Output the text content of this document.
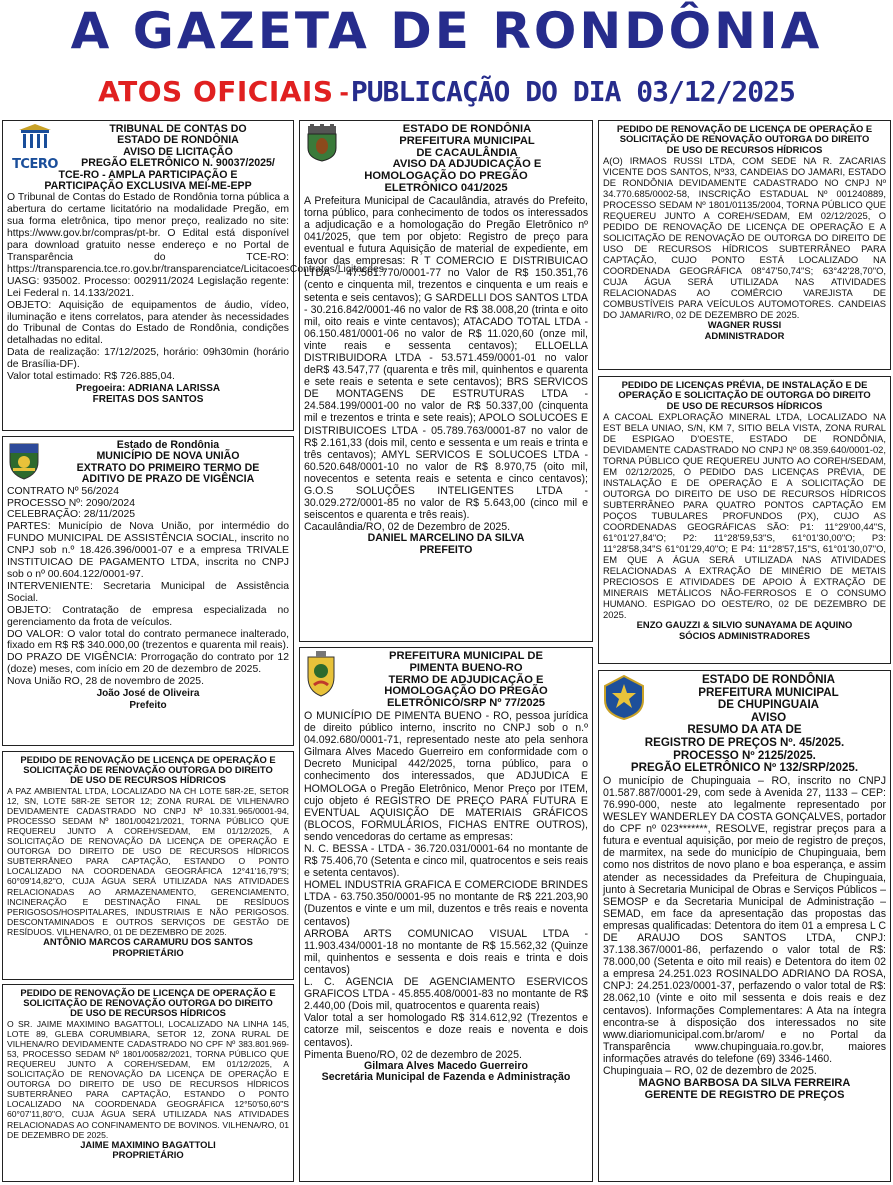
A GAZETA DE RONDÔNIA
ATOS OFICIAIS -PUBLICAÇÃO DO DIA 03/12/2025
TCERO
TRIBUNAL DE CONTAS DO
ESTADO DE RONDÔNIA
AVISO DE LICITAÇÃO
PREGÃO ELETRÔNICO N. 90037/2025/
TCE-RO - AMPLA PARTICIPAÇÃO E
PARTICIPAÇÃO EXCLUSIVA MEI-ME-EPP

O Tribunal de Contas do Estado de Rondônia torna pública a abertura do certame licitatório na modalidade Pregão, em sua forma eletrônica, tipo menor preço, realizado no site: https://www.gov.br/compras/pt-br. O Edital está disponível para download gratuito nesse endereço e no Portal de Transparência do TCE-RO: https://transparencia.tce.ro.gov.br/transparenciatce/LicitacoesContratos/Licitacoes.

UASG: 935002. Processo: 002911/2024 Legislação regente: Lei Federal n. 14.133/2021.

OBJETO: Aquisição de equipamentos de áudio, vídeo, iluminação e itens correlatos, para atender às necessidades do Tribunal de Contas do Estado de Rondônia, condições detalhadas no edital.

Data de realização: 17/12/2025, horário: 09h30min (horário de Brasília-DF).

Valor total estimado: R$ 726.885,04.

Pregoeira: ADRIANA LARISSA
FREITAS DOS SANTOS
Estado de Rondônia
MUNICÍPIO DE NOVA UNIÃO
EXTRATO DO PRIMEIRO TERMO DE
ADITIVO DE PRAZO DE VIGÊNCIA

CONTRATO Nº 56/2024

PROCESSO Nº: 2090/2024

CELEBRAÇÃO: 28/11/2025

PARTES: Município de Nova União, por intermédio do FUNDO MUNICIPAL DE ASSISTÊNCIA SOCIAL, inscrito no CNPJ sob n.º 18.426.396/0001-07 e a empresa TRIVALE INSTITUICAO DE PAGAMENTO LTDA, inscrita no CNPJ sob o nº 00.604.122/0001-97.

INTERVENIENTE: Secretaria Municipal de Assistência Social.

OBJETO: Contratação de empresa especializada no gerenciamento da frota de veículos.

DO VALOR: O valor total do contrato permanece inalterado, fixado em R$ R$ 340.000,00 (trezentos e quarenta mil reais).

DO PRAZO DE VIGÊNCIA: Prorrogação do contrato por 12 (doze) meses, com início em 20 de dezembro de 2025.

Nova União RO, 28 de novembro de 2025.

João José de Oliveira
Prefeito
PEDIDO DE RENOVAÇÃO DE LICENÇA DE OPERAÇÃO E
SOLICITAÇÃO DE RENOVAÇÃO OUTORGA DO DIREITO
DE USO DE RECURSOS HÍDRICOS
A PAZ AMBIENTAL LTDA, LOCALIZADO NA CH LOTE 58R-2E, SETOR 12, SN, LOTE 58R-2E SETOR 12; ZONA RURAL DE VILHENA/RO DEVIDAMENTE CADASTRADO NO CNPJ Nº 10.331.965/0001-94, PROCESSO SEDAM Nº 1801/00421/2021, TORNA PÚBLICO QUE REQUEREU JUNTO A COREH/SEDAM, EM 01/12/2025, A SOLICITAÇÃO DE RENOVAÇÃO DA LICENÇA DE OPERAÇÃO E OUTORGA DO DIREITO DE USO DE RECURSOS HÍDRICOS SUBTERRÂNEO PARA CAPTAÇÃO, ESTANDO O PONTO LOCALIZADO NA COORDENADA GEOGRÁFICA 12°41'16,79"S; 60°09'14,82"O, CUJA ÁGUA SERÁ UTILIZADA NAS ATIVIDADES RELACIONADAS AO ARMAZENAMENTO, GERENCIAMENTO, INCINERAÇÃO E DESTINAÇÃO FINAL DE RESÍDUOS PERIGOSOS/HOSPITALARES, INDUSTRIAIS E NÃO PERIGOSOS. DESCONTAMINADOS E OUTROS SERVIÇOS DE GESTÃO DE RESÍDUOS. VILHENA/RO, 01 DE DEZEMBRO DE 2025.
ANTÔNIO MARCOS CARAMURU DOS SANTOS
PROPRIETÁRIO
PEDIDO DE RENOVAÇÃO DE LICENÇA DE OPERAÇÃO E
SOLICITAÇÃO DE RENOVAÇÃO OUTORGA DO DIREITO
DE USO DE RECURSOS HÍDRICOS
O SR. JAIME MAXIMINO BAGATTOLI, LOCALIZADO NA LINHA 145, LOTE 89, GLEBA CORUMBIARA, SETOR 12, ZONA RURAL DE VILHENA/RO DEVIDAMENTE CADASTRADO NO CPF Nº 383.801.969-53, PROCESSO SEDAM Nº 1801/00582/2021, TORNA PÚBLICO QUE REQUEREU JUNTO A COREH/SEDAM, EM 01/12/2025, A SOLICITAÇÃO DE RENOVAÇÃO DA LICENÇA DE OPERAÇÃO E OUTORGA DO DIREITO DE USO DE RECURSOS HÍDRICOS SUBTERRÂNEO PARA CAPTAÇÃO, ESTANDO O PONTO LOCALIZADO NA COORDENADA GEOGRÁFICA 12°50'50,60"S 60°07'11,80"O, CUJA ÁGUA SERÁ UTILIZADA NAS ATIVIDADES RELACIONADAS AO CONFINAMENTO DE BOVINOS. VILHENA/RO, 01 DE DEZEMBRO DE 2025.
JAIME MAXIMINO BAGATTOLI
PROPRIETÁRIO
ESTADO DE RONDÔNIA
PREFEITURA MUNICIPAL
DE CACAULÂNDIA
AVISO DA ADJUDICAÇÃO E
HOMOLOGAÇÃO DO PREGÃO
ELETRÔNICO 041/2025

A Prefeitura Municipal de Cacaulândia, através do Prefeito, torna público, para conhecimento de todos os interessados a adjudicação e a homologação do Pregão Eletrônico nº 041/2025, que tem por objeto: Registro de preço para eventual e futura Aquisição de material de expediente, em favor das empresas: R T COMERCIO E DISTRIBUICAO LTDA - 47.561.770/0001-77 no Valor de R$ 150.351,76 (cento e cinquenta mil, trezentos e cinquenta e um reais e setenta e seis centavos); G SARDELLI DOS SANTOS LTDA - 30.216.842/0001-46 no valor de R$ 38.008,20 (trinta e oito mil, oito reais e vinte centavos); ATACADO TOTAL LTDA - 06.150.481/0001-06 no valor de R$ 11.020,60 (onze mil, vinte reais e sessenta centavos); ELLOELLA DISTRIBUIDORA LTDA - 53.571.459/0001-01 no valor deR$ 43.547,77 (quarenta e três mil, quinhentos e quarenta e sete reais e setenta e sete centavos); BRS SERVICOS DE MONTAGENS DE ESTRUTURAS LTDA - 24.584.199/0001-00 no valor de R$ 50.337,00 (cinquenta mil e trezentos e trinta e sete reais); APOLO SOLUCOES E DISTRIBUICOES LTDA - 05.789.763/0001-87 no valor de R$ 2.161,33 (dois mil, cento e sessenta e um reais e trinta e três centavos); AMYL SERVICOS E SOLUCOES LTDA - 60.520.648/0001-10 no valor de R$ 8.970,75 (oito mil, novecentos e setenta reais e setenta e cinco centavos); G.O.S SOLUÇÕES INTELIGENTES LTDA - 30.029.272/0001-85 no valor de R$ 5.643,00 (cinco mil e seiscentos e quarenta e três reais).

Cacaulândia/RO, 02 de Dezembro de 2025.

DANIEL MARCELINO DA SILVA
PREFEITO
PREFEITURA MUNICIPAL DE
PIMENTA BUENO-RO
TERMO DE ADJUDICAÇÃO E
HOMOLOGAÇÃO DO PREGÃO
ELETRÔNICO/SRP Nº 77/2025

O MUNICÍPIO DE PIMENTA BUENO - RO, pessoa jurídica de direito público interno, inscrito no CNPJ sob o n.º 04.092.680/0001-71, representado neste ato pela senhora Gilmara Alves Macedo Guerreiro em conformidade com o Decreto Municipal 442/2025, torna público, para o conhecimento dos interessados, que ADJUDICA E HOMOLOGA o Pregão Eletrônico, Menor Preço por ITEM, cujo objeto é REGISTRO DE PREÇO PARA FUTURA E EVENTUAL AQUISIÇÃO DE MATERIAIS GRÁFICOS (BLOCOS, FORMULÁRIOS, FICHAS ENTRE OUTROS), sendo vencedoras do certame as empresas:

N. C. BESSA - LTDA - 36.720.031/0001-64 no montante de R$ 75.406,70 (Setenta e cinco mil, quatrocentos e seis reais e setenta centavos).

HOMEL INDUSTRIA GRAFICA E COMERCIODE BRINDES LTDA - 63.750.350/0001-95 no montante de R$ 221.203,90 (Duzentos e vinte e um mil, duzentos e três reais e noventa centavos)

ARROBA ARTS COMUNICAO VISUAL LTDA - 11.903.434/0001-18 no montante de R$ 15.562,32 (Quinze mil, quinhentos e sessenta e dois reais e trinta e dois centavos)

L. C. AGENCIA DE AGENCIAMENTO ESERVICOS GRAFICOS LTDA - 45.855.408/0001-83 no montante de R$ 2.440,00 (Dois mil, quatrocentos e quarenta reais)

Valor total a ser homologado R$ 314.612,92 (Trezentos e catorze mil, seiscentos e doze reais e noventa e dois centavos).

Pimenta Bueno/RO, 02 de dezembro de 2025.

Gilmara Alves Macedo Guerreiro
Secretária Municipal de Fazenda e Administração
PEDIDO DE RENOVAÇÃO DE LICENÇA DE OPERAÇÃO E
SOLICITAÇÃO DE RENOVAÇÃO OUTORGA DO DIREITO
DE USO DE RECURSOS HÍDRICOS
A(O) IRMAOS RUSSI LTDA, COM SEDE NA R. ZACARIAS VICENTE DOS SANTOS, Nº33, CANDEIAS DO JAMARI, ESTADO DE RONDÔNIA DEVIDAMENTE CADASTRADO NO CNPJ Nº 34.770.685/0002-58, INSCRIÇÃO ESTADUAL Nº 001240889, PROCESSO SEDAM Nº 1801/01135/2004, TORNA PÚBLICO QUE REQUEREU JUNTO A COREH/SEDAM, EM 02/12/2025, O PEDIDO DE RENOVAÇÃO DE LICENÇA DE OPERAÇÃO E A SOLICITAÇÃO DE RENOVAÇÃO DE OUTORGA DO DIREITO DE USO DE RECURSOS HÍDRICOS SUBTERRÂNEO PARA CAPTAÇÃO, CUJO PONTO ESTÁ LOCALIZADO NA COORDENADA GEOGRÁFICA 08°47'50,74"S; 63°42'28,70"O, CUJA ÁGUA SERÁ UTILIZADA NAS ATIVIDADES RELACIONADAS AO COMÉRCIO VAREJISTA DE COMBUSTÍVEIS PARA VEÍCULOS AUTOMOTORES. CANDEIAS DO JAMARI/RO, 02 DE DEZEMBRO DE 2025.
WAGNER RUSSI
ADMINISTRADOR
PEDIDO DE LICENÇAS PRÉVIA, DE INSTALAÇÃO E DE
OPERAÇÃO E SOLICITAÇÃO DE OUTORGA DO DIREITO
DE USO DE RECURSOS HÍDRICOS
A CACOAL EXPLORAÇÃO MINERAL LTDA, LOCALIZADO NA EST BELA UNIAO, S/N, KM 7, SITIO BELA VISTA, ZONA RURAL DE ESPIGAO D'OESTE, ESTADO DE RONDÔNIA, DEVIDAMENTE CADASTRADO NO CNPJ Nº 08.359.640/0001-02, TORNA PÚBLICO QUE REQUEREU JUNTO AO COREH/SEDAM, EM 02/12/2025, O PEDIDO DAS LICENÇAS PRÉVIA, DE INSTALAÇÃO E DE OPERAÇÃO E A SOLICITAÇÃO DE OUTORGA DO DIREITO DE USO DE RECURSOS HÍDRICOS SUBTERRÂNEO PARA QUATRO PONTOS CAPTAÇÃO EM POÇOS TUBULARES PROFUNDOS (PX), CUJO AS COORDENADAS GEOGRÁFICAS SÃO: P1: 11°29'00,44"S, 61°01'27,84"O; P2: 11°28'59,53"S, 61°01'30,00"O; P3: 11°28'58,34"S 61°01'29,40"O; E P4: 11°28'57,15"S, 61°01'30,07"O, EM QUE A ÁGUA SERÁ UTILIZADA NAS ATIVIDADES RELACIONADAS A EXTRAÇÃO DE MINÉRIO DE METAIS PRECIOSOS E ATIVIDADES DE APOIO À EXTRAÇÃO DE MINERAIS METÁLICOS NÃO-FERROSOS E O CONSUMO HUMANO. ESPIGAO DO OESTE/RO, 02 DE DEZEMBRO DE 2025.
ENZO GAUZZI & SILVIO SUNAYAMA DE AQUINO
SÓCIOS ADMINISTRADORES
ESTADO DE RONDÔNIA
PREFEITURA MUNICIPAL
DE CHUPINGUAIA
AVISO
RESUMO DA ATA DE
REGISTRO DE PREÇOS Nº. 45/2025.
PROCESSO Nº 2125/2025.
PREGÃO ELETRÔNICO Nº 132/SRP/2025.

O município de Chupinguaia – RO, inscrito no CNPJ 01.587.887/0001-29, com sede à Avenida 27, 1133 – CEP: 76.990-000, neste ato legalmente representado por WESLEY WANDERLEY DA COSTA GONÇALVES, portador do CPF nº 023*******, RESOLVE, registrar preços para a futura e eventual aquisição, por meio de registro de preços, de marmitex, na sede do município de Chupinguaia, bem como nos distritos de novo plano e boa esperança, e assim atender as necessidades da Prefeitura de Chupinguaia, junto à Secretaria Municipal de Obras e Serviços Públicos – SEMOSP e da Secretaria Municipal de Administração – SEMAD, em face da apresentação das propostas das empresas qualificadas: Detentora do item 01 a empresa L C DE ARAUJO DOS SANTOS LTDA, CNPJ: 37.138.367/0001-86, perfazendo o valor total de R$: 78.000,00 (Setenta e oito mil reais) e Detentora do item 02 a empresa 24.251.023 ROSINALDO ADRIANO DA ROSA, CNPJ: 24.251.023/0001-37, perfazendo o valor total de R$: 28.062,10 (vinte e oito mil sessenta e dois reais e dez centavos). Informações Complementares: A Ata na íntegra encontra-se à disposição dos interessados no site www.diariomunicipal.com.br/arom/ e no Portal da Transparência www.chupinguaia.ro.gov.br, maiores informações através do telefone (69) 3346-1460.

Chupinguaia – RO, 02 de dezembro de 2025.

MAGNO BARBOSA DA SILVA FERREIRA
GERENTE DE REGISTRO DE PREÇOS
